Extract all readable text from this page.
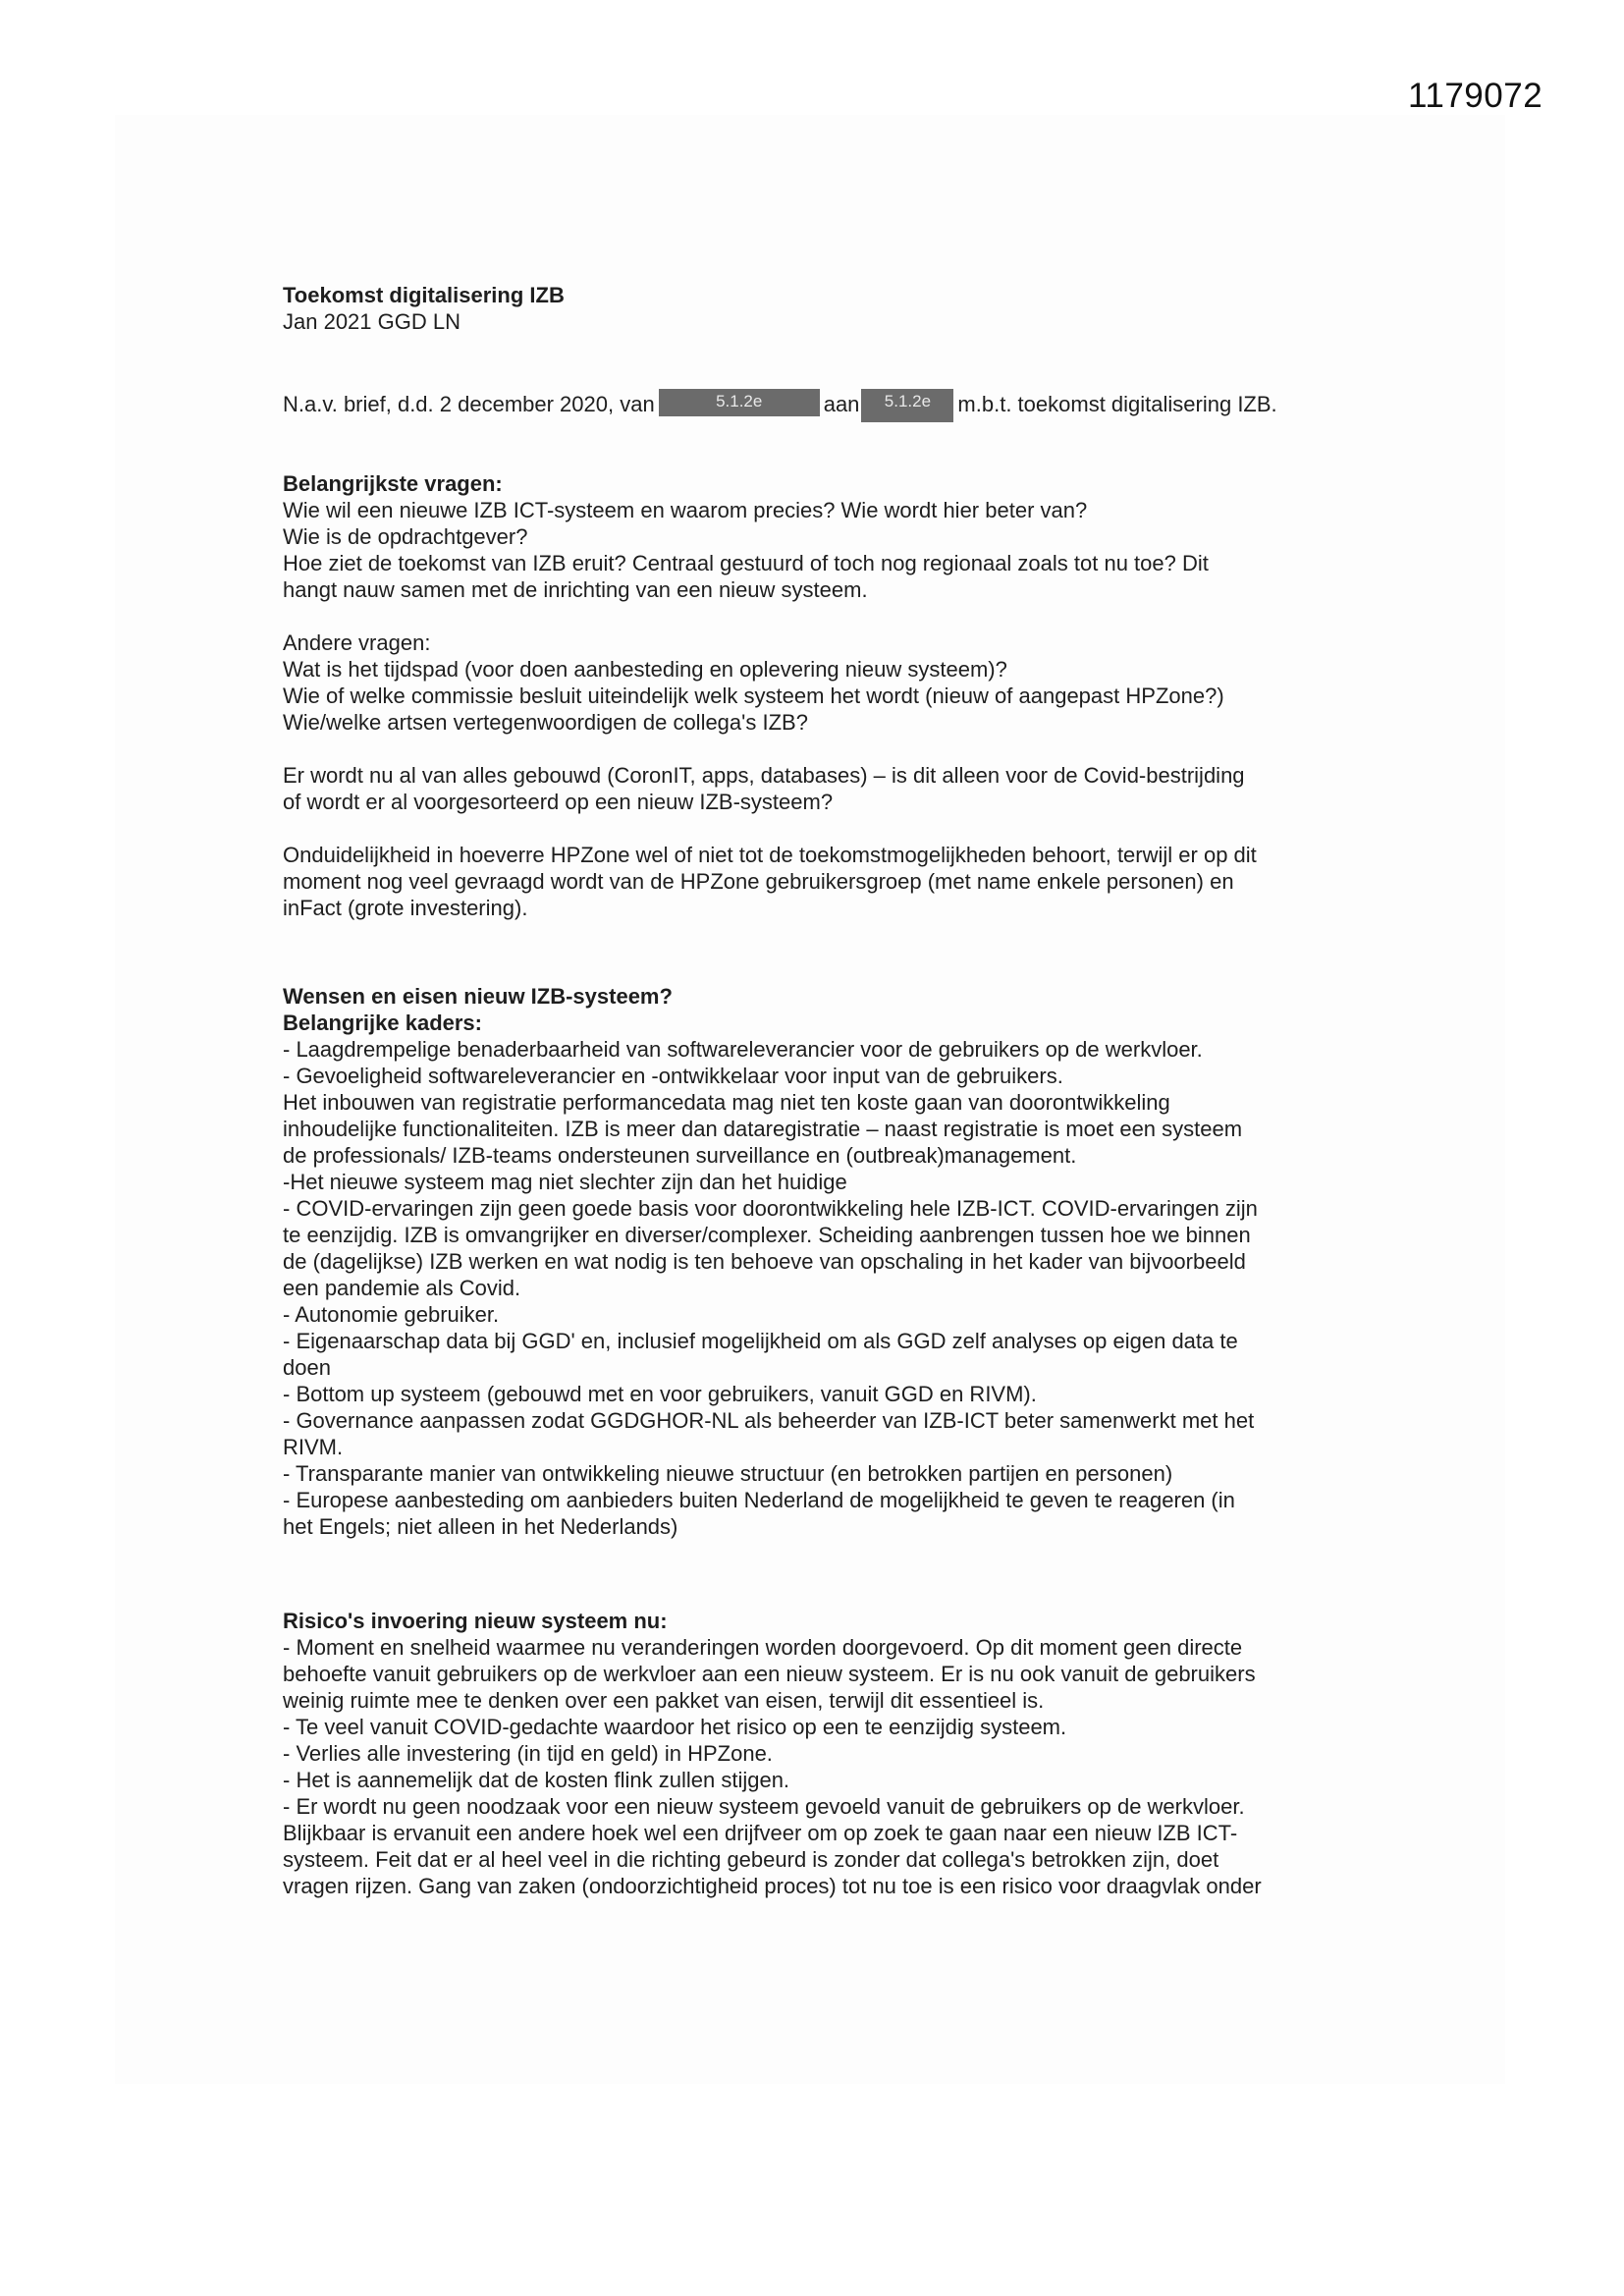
1179072
Toekomst digitalisering IZB
Jan 2021 GGD LN
N.a.v. brief, d.d. 2 december 2020, van	5.1.2e	aan 5.1.2e m.b.t. toekomst digitalisering IZB.
Belangrijkste vragen:
Wie wil een nieuwe IZB ICT-systeem en waarom precies? Wie wordt hier beter van?
Wie is de opdrachtgever?
Hoe ziet de toekomst van IZB eruit? Centraal gestuurd of toch nog regionaal zoals tot nu toe? Dit
hangt nauw samen met de inrichting van een nieuw systeem.
Andere vragen:
Wat is het tijdspad (voor doen aanbesteding en oplevering nieuw systeem)?
Wie of welke commissie besluit uiteindelijk welk systeem het wordt (nieuw of aangepast HPZone?)
Wie/welke artsen vertegenwoordigen de collega's IZB?
Er wordt nu al van alles gebouwd (CoronIT, apps, databases) – is dit alleen voor de Covid-bestrijding
of wordt er al voorgesorteerd op een nieuw IZB-systeem?
Onduidelijkheid in hoeverre HPZone wel of niet tot de toekomstmogelijkheden behoort, terwijl er op dit
moment nog veel gevraagd wordt van de HPZone gebruikersgroep (met name enkele personen) en
inFact (grote investering).
Wensen en eisen nieuw IZB-systeem?
Belangrijke kaders:
- Laagdrempelige benaderbaarheid van softwareleverancier voor de gebruikers op de werkvloer.
- Gevoeligheid softwareleverancier en -ontwikkelaar voor input van de gebruikers.
Het inbouwen van registratie performancedata mag niet ten koste gaan van doorontwikkeling
inhoudelijke functionaliteiten. IZB is meer dan dataregistratie – naast registratie is moet een systeem
de professionals/ IZB-teams ondersteunen surveillance en (outbreak)management.
-Het nieuwe systeem mag niet slechter zijn dan het huidige
- COVID-ervaringen zijn geen goede basis voor doorontwikkeling hele IZB-ICT. COVID-ervaringen zijn
te eenzijdig. IZB is omvangrijker en diverser/complexer. Scheiding aanbrengen tussen hoe we binnen
de (dagelijkse) IZB werken en wat nodig is ten behoeve van opschaling in het kader van bijvoorbeeld
een pandemie als Covid.
- Autonomie gebruiker.
- Eigenaarschap data bij GGD' en, inclusief mogelijkheid om als GGD zelf analyses op eigen data te
doen
- Bottom up systeem (gebouwd met en voor gebruikers, vanuit GGD en RIVM).
- Governance aanpassen zodat GGDGHOR-NL als beheerder van IZB-ICT beter samenwerkt met het
RIVM.
- Transparante manier van ontwikkeling nieuwe structuur (en betrokken partijen en personen)
- Europese aanbesteding om aanbieders buiten Nederland de mogelijkheid te geven te reageren (in
het Engels; niet alleen in het Nederlands)
Risico's invoering nieuw systeem nu:
- Moment en snelheid waarmee nu veranderingen worden doorgevoerd. Op dit moment geen directe
behoefte vanuit gebruikers op de werkvloer aan een nieuw systeem. Er is nu ook vanuit de gebruikers
weinig ruimte mee te denken over een pakket van eisen, terwijl dit essentieel is.
- Te veel vanuit COVID-gedachte waardoor het risico op een te eenzijdig systeem.
- Verlies alle investering (in tijd en geld) in HPZone.
- Het is aannemelijk dat de kosten flink zullen stijgen.
- Er wordt nu geen noodzaak voor een nieuw systeem gevoeld vanuit de gebruikers op de werkvloer.
Blijkbaar is ervanuit een andere hoek wel een drijfveer om op zoek te gaan naar een nieuw IZB ICT-
systeem. Feit dat er al heel veel in die richting gebeurd is zonder dat collega's betrokken zijn, doet
vragen rijzen. Gang van zaken (ondoorzichtigheid proces) tot nu toe is een risico voor draagvlak onder
